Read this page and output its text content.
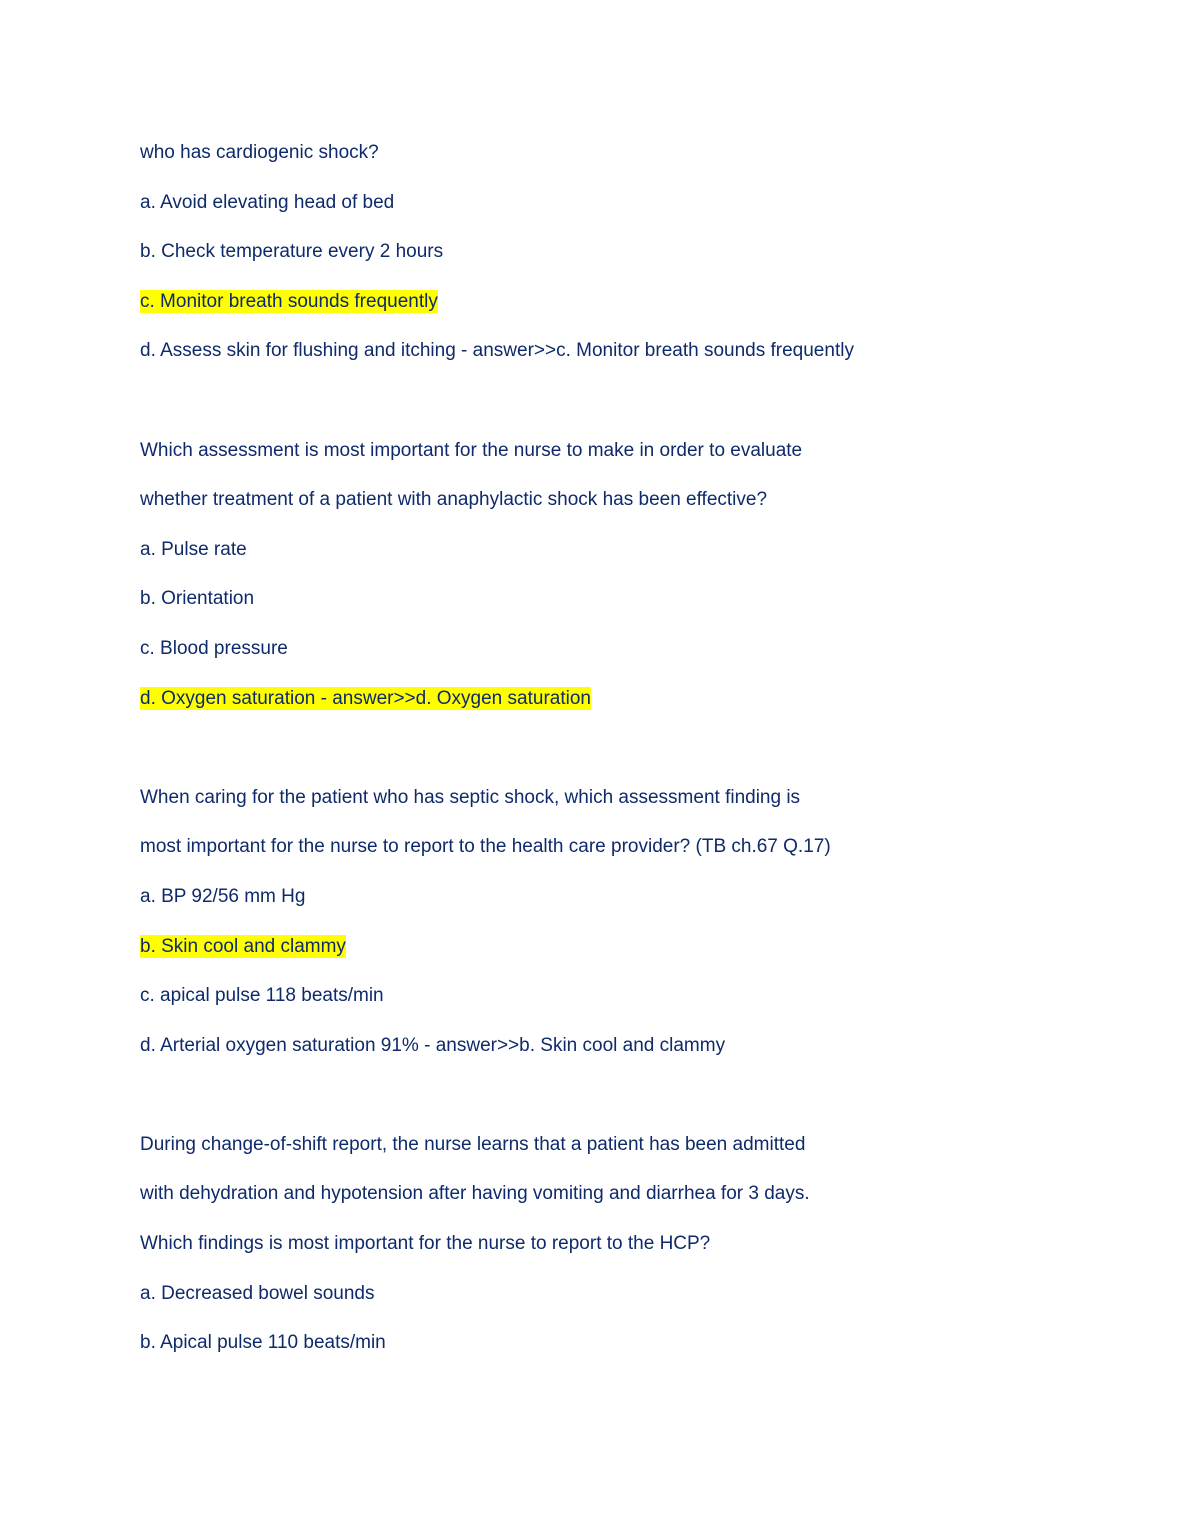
who has cardiogenic shock?
a. Avoid elevating head of bed
b. Check temperature every 2 hours
c. Monitor breath sounds frequently
d. Assess skin for flushing and itching - answer>>c. Monitor breath sounds frequently
Which assessment is most important for the nurse to make in order to evaluate
whether treatment of a patient with anaphylactic shock has been effective?
a. Pulse rate
b. Orientation
c. Blood pressure
d. Oxygen saturation - answer>>d. Oxygen saturation
When caring for the patient who has septic shock, which assessment finding is
most important for the nurse to report to the health care provider? (TB ch.67 Q.17)
a. BP 92/56 mm Hg
b. Skin cool and clammy
c. apical pulse 118 beats/min
d. Arterial oxygen saturation 91% - answer>>b. Skin cool and clammy
During change-of-shift report, the nurse learns that a patient has been admitted
with dehydration and hypotension after having vomiting and diarrhea for 3 days.
Which findings is most important for the nurse to report to the HCP?
a. Decreased bowel sounds
b. Apical pulse 110 beats/min
